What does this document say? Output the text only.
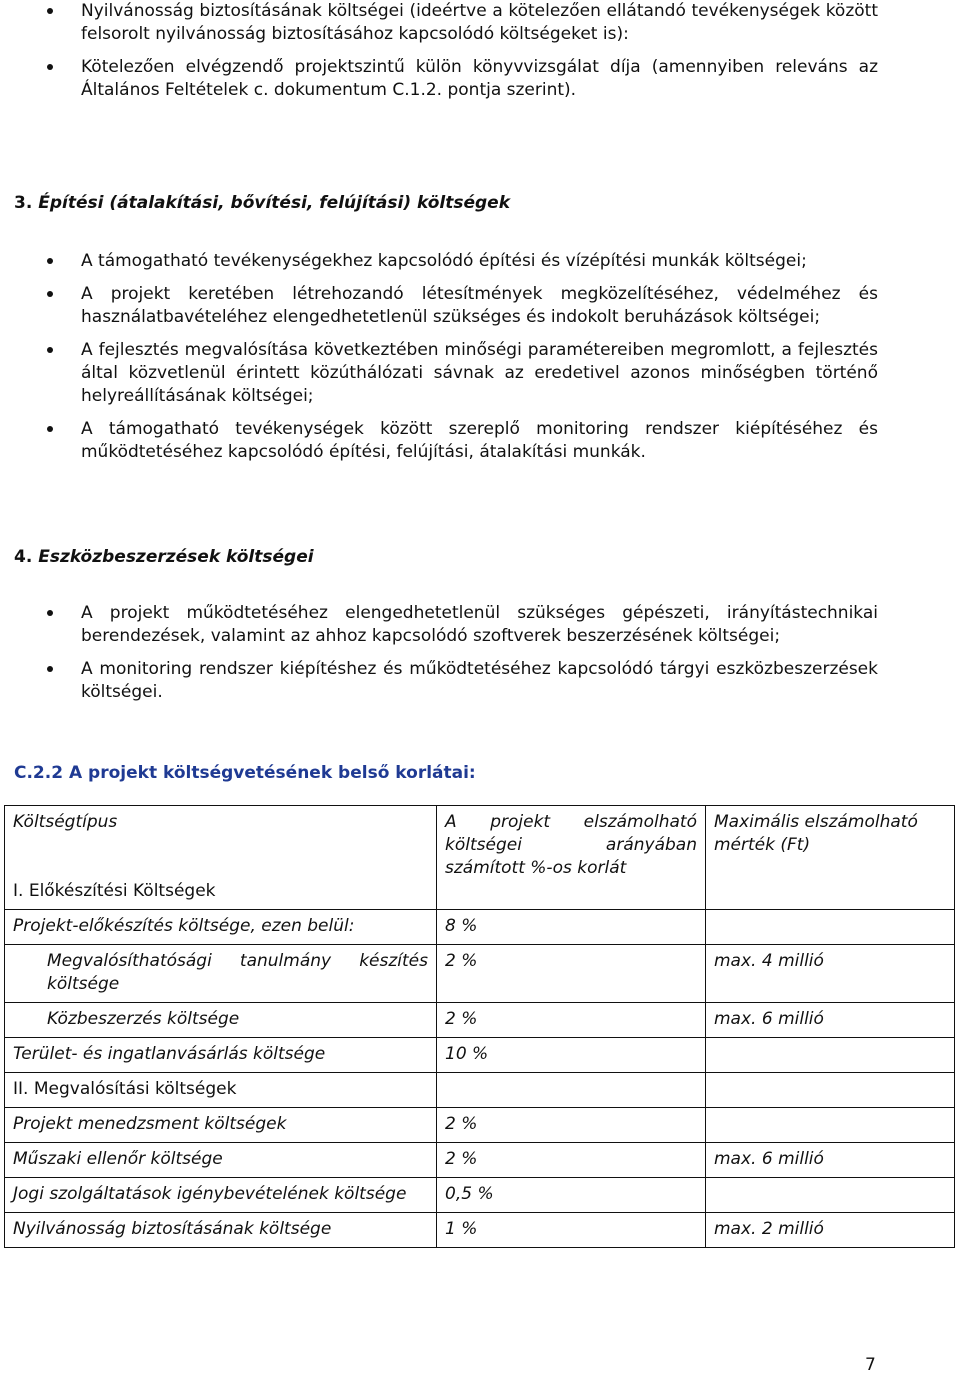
Nyilvánosság biztosításának költségei (ideértve a kötelezően ellátandó tevékenységek között felsorolt nyilvánosság biztosításához kapcsolódó költségeket is):
Kötelezően elvégzendő projektszintű külön könyvvizsgálat díja (amennyiben releváns az Általános Feltételek c. dokumentum C.1.2. pontja szerint).
3. Építési (átalakítási, bővítési, felújítási) költségek
A támogatható tevékenységekhez kapcsolódó építési és vízépítési munkák költségei;
A projekt keretében létrehozandó létesítmények megközelítéséhez, védelméhez és használatbavételéhez elengedhetetlenül szükséges és indokolt beruházások költségei;
A fejlesztés megvalósítása következtében minőségi paramétereiben megromlott, a fejlesztés által közvetlenül érintett közúthálózati sávnak az eredetivel azonos minőségben történő helyreállításának költségei;
A támogatható tevékenységek között szereplő monitoring rendszer kiépítéséhez és működtetéséhez kapcsolódó építési, felújítási, átalakítási munkák.
4. Eszközbeszerzések költségei
A projekt működtetéséhez elengedhetetlenül szükséges gépészeti, irányítástechnikai berendezések, valamint az ahhoz kapcsolódó szoftverek beszerzésének költségei;
A monitoring rendszer kiépítéshez és működtetéséhez kapcsolódó tárgyi eszközbeszerzések költségei.
C.2.2 A projekt költségvetésének belső korlátai:
Költségtípus
I. Előkészítési Költségek	A projekt elszámolható költségei arányában számított %-os korlát	Maximális elszámolható mérték (Ft)
Projekt-előkészítés költsége, ezen belül:	8 %	
Megvalósíthatósági tanulmány készítés költsége	2 %	max. 4 millió
Közbeszerzés költsége	2 %	max. 6 millió
Terület- és ingatlanvásárlás költsége	10 %	
II. Megvalósítási költségek		
Projekt menedzsment költségek	2 %	
Műszaki ellenőr költsége	2 %	max. 6 millió
Jogi szolgáltatások igénybevételének költsége	0,5 %	
Nyilvánosság biztosításának költsége	1 %	max. 2 millió
7
